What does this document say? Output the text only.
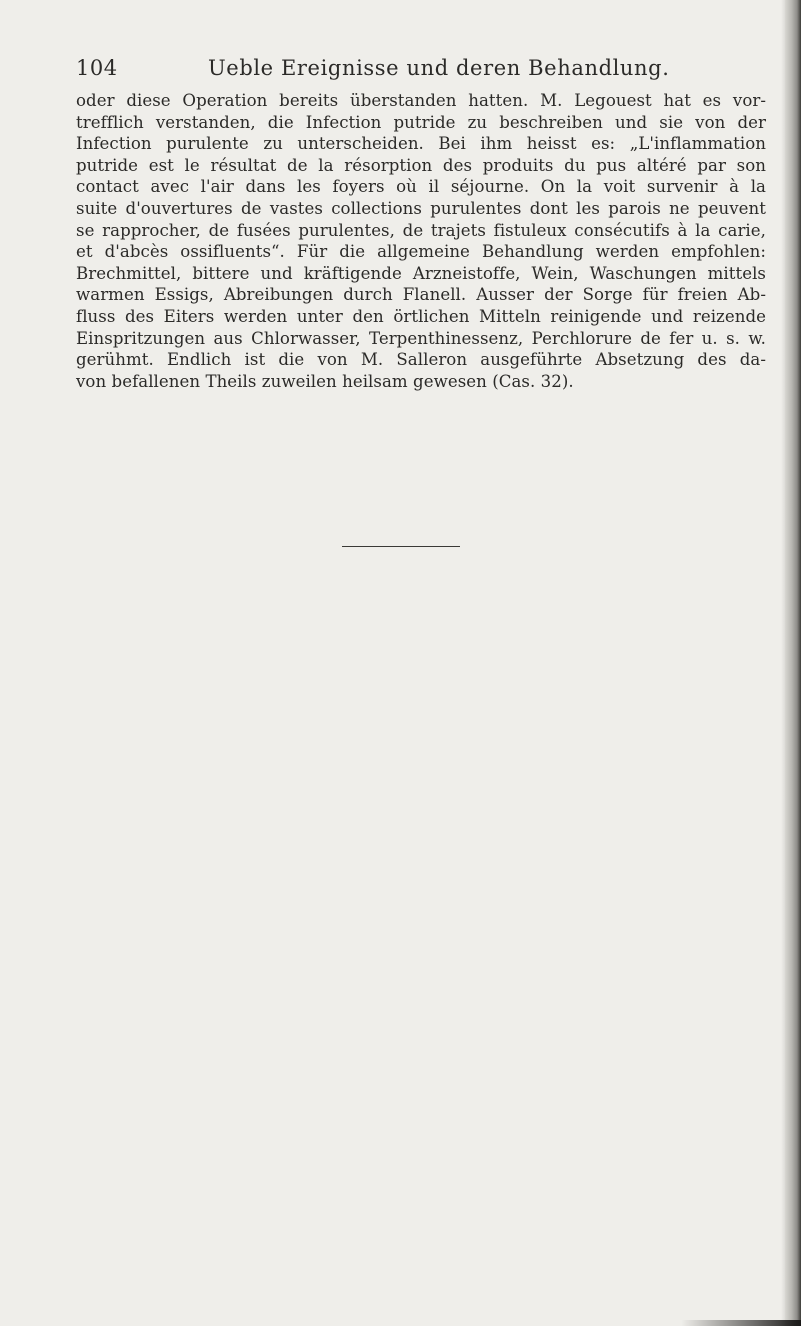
104	Ueble Ereignisse und deren Behandlung.
oder diese Operation bereits überstanden hatten. M. Legouest hat es vor-
trefflich verstanden, die Infection putride zu beschreiben und sie von der
Infection purulente zu unterscheiden. Bei ihm heisst es: „L'inflammation
putride est le résultat de la résorption des produits du pus altéré par son
contact avec l'air dans les foyers où il séjourne. On la voit survenir à la
suite d'ouvertures de vastes collections purulentes dont les parois ne peuvent
se rapprocher, de fusées purulentes, de trajets fistuleux consécutifs à la carie,
et d'abcès ossifluents“. Für die allgemeine Behandlung werden empfohlen:
Brechmittel, bittere und kräftigende Arzneistoffe, Wein, Waschungen mittels
warmen Essigs, Abreibungen durch Flanell. Ausser der Sorge für freien Ab-
fluss des Eiters werden unter den örtlichen Mitteln reinigende und reizende
Einspritzungen aus Chlorwasser, Terpenthinessenz, Perchlorure de fer u. s. w.
gerühmt. Endlich ist die von M. Salleron ausgeführte Absetzung des da-
von befallenen Theils zuweilen heilsam gewesen (Cas. 32).
